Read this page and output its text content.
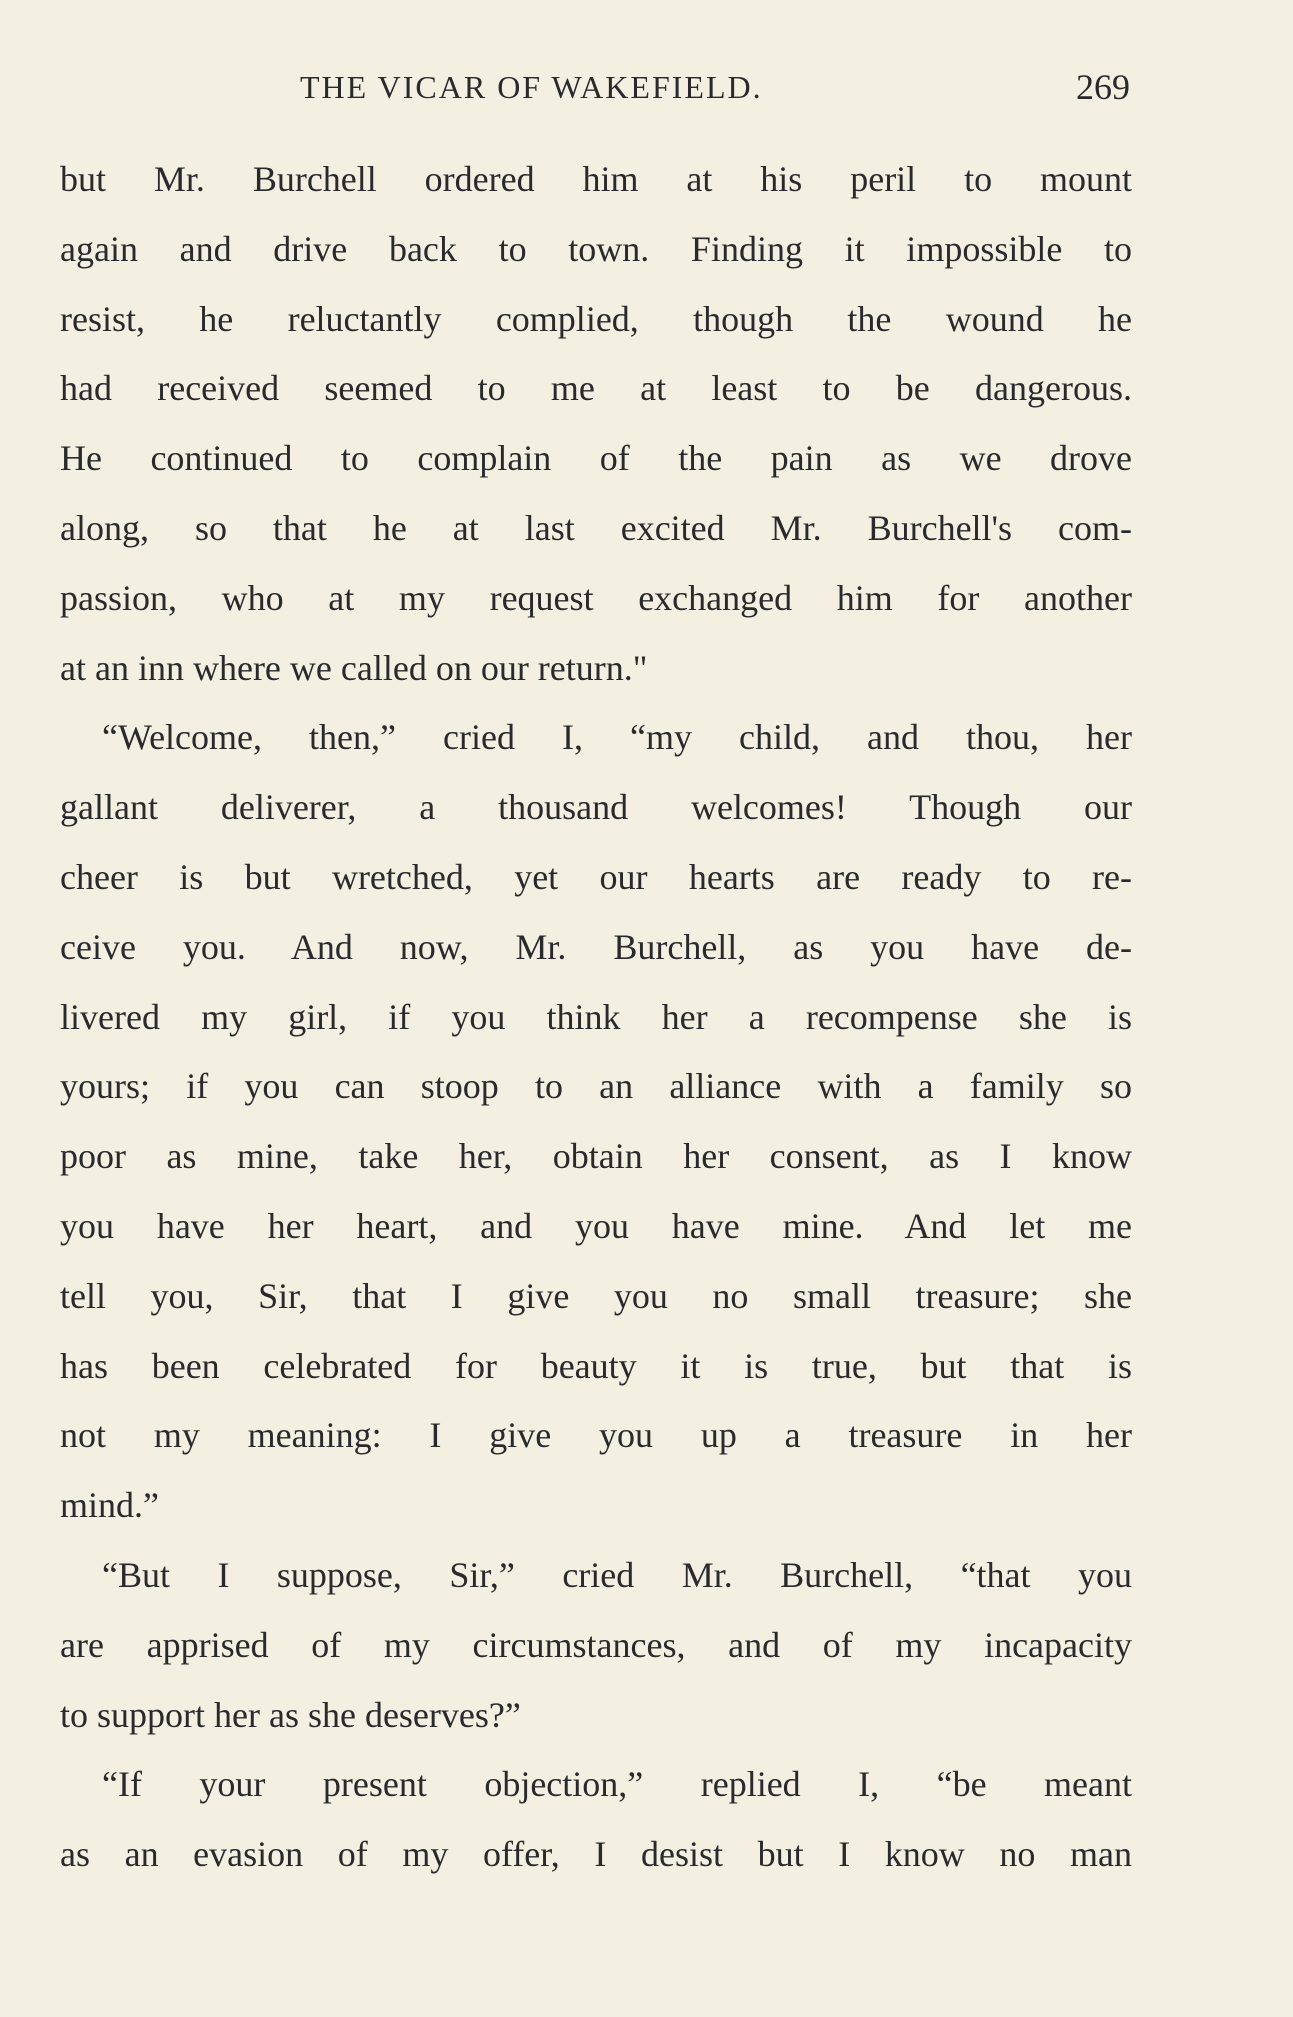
THE VICAR OF WAKEFIELD.	269
but Mr. Burchell ordered him at his peril to mount
again and drive back to town. Finding it impossible to
resist, he reluctantly complied, though the wound he
had received seemed to me at least to be dangerous.
He continued to complain of the pain as we drove
along, so that he at last excited Mr. Burchell's com-
passion, who at my request exchanged him for another
at an inn where we called on our return."
“Welcome, then,” cried I, “my child, and thou, her
gallant deliverer, a thousand welcomes! Though our
cheer is but wretched, yet our hearts are ready to re-
ceive you. And now, Mr. Burchell, as you have de-
livered my girl, if you think her a recompense she is
yours; if you can stoop to an alliance with a family so
poor as mine, take her, obtain her consent, as I know
you have her heart, and you have mine. And let me
tell you, Sir, that I give you no small treasure; she
has been celebrated for beauty it is true, but that is
not my meaning: I give you up a treasure in her
mind.”
“But I suppose, Sir,” cried Mr. Burchell, “that you
are apprised of my circumstances, and of my incapacity
to support her as she deserves?”
“If your present objection,” replied I, “be meant
as an evasion of my offer, I desist but I know no man
